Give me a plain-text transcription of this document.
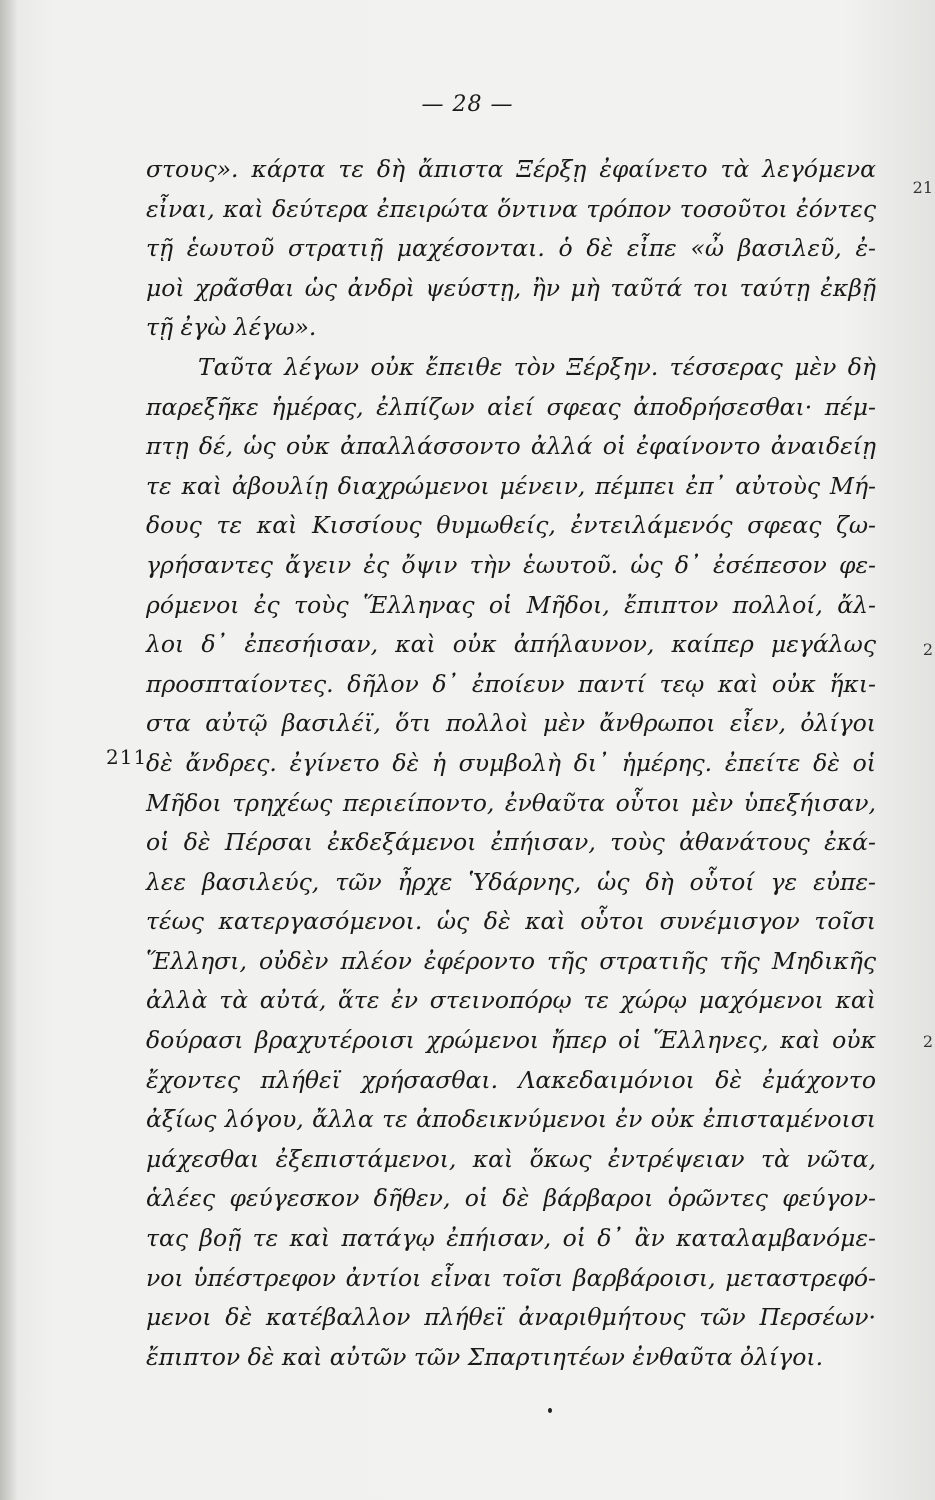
— 28 —
211
21
2
2
στους». κάρτα τε δὴ ἄπιστα Ξέρξῃ ἐφαίνετο τὰ λεγόμενα
εἶναι, καὶ δεύτερα ἐπειρώτα ὅντινα τρόπον τοσοῦτοι ἐόντες
τῇ ἑωυτοῦ στρατιῇ μαχέσονται. ὁ δὲ εἶπε «ὦ βασιλεῦ, ἐ-
μοὶ χρᾶσθαι ὡς ἀνδρὶ ψεύστῃ, ἢν μὴ ταῦτά τοι ταύτῃ ἐκβῇ
τῇ ἐγὼ λέγω».
Ταῦτα λέγων οὐκ ἔπειθε τὸν Ξέρξην. τέσσερας μὲν δὴ
παρεξῆκε ἡμέρας, ἐλπίζων αἰεί σφεας ἀποδρήσεσθαι· πέμ-
πτῃ δέ, ὡς οὐκ ἀπαλλάσσοντο ἀλλά οἱ ἐφαίνοντο ἀναιδείῃ
τε καὶ ἀβουλίῃ διαχρώμενοι μένειν, πέμπει ἐπ᾽ αὐτοὺς Μή-
δους τε καὶ Κισσίους θυμωθείς, ἐντειλάμενός σφεας ζω-
γρήσαντες ἄγειν ἐς ὄψιν τὴν ἑωυτοῦ. ὡς δ᾽ ἐσέπεσον φε-
ρόμενοι ἐς τοὺς Ἕλληνας οἱ Μῆδοι, ἔπιπτον πολλοί, ἄλ-
λοι δ᾽ ἐπεσήισαν, καὶ οὐκ ἀπήλαυνον, καίπερ μεγάλως
προσπταίοντες. δῆλον δ᾽ ἐποίευν παντί τεῳ καὶ οὐκ ἥκι-
στα αὐτῷ βασιλέϊ, ὅτι πολλοὶ μὲν ἄνθρωποι εἶεν, ὀλίγοι
δὲ ἄνδρες. ἐγίνετο δὲ ἡ συμβολὴ δι᾽ ἡμέρης. ἐπείτε δὲ οἱ
Μῆδοι τρηχέως περιείποντο, ἐνθαῦτα οὗτοι μὲν ὑπεξήισαν,
οἱ δὲ Πέρσαι ἐκδεξάμενοι ἐπήισαν, τοὺς ἀθανάτους ἐκά-
λεε βασιλεύς, τῶν ἦρχε Ὑδάρνης, ὡς δὴ οὗτοί γε εὐπε-
τέως κατεργασόμενοι. ὡς δὲ καὶ οὗτοι συνέμισγον τοῖσι
Ἕλλησι, οὐδὲν πλέον ἐφέροντο τῆς στρατιῆς τῆς Μηδικῆς
ἀλλὰ τὰ αὐτά, ἅτε ἐν στεινοπόρῳ τε χώρῳ μαχόμενοι καὶ
δούρασι βραχυτέροισι χρώμενοι ἤπερ οἱ Ἕλληνες, καὶ οὐκ
ἔχοντες πλήθεϊ χρήσασθαι. Λακεδαιμόνιοι δὲ ἐμάχοντο
ἀξίως λόγου, ἄλλα τε ἀποδεικνύμενοι ἐν οὐκ ἐπισταμένοισι
μάχεσθαι ἐξεπιστάμενοι, καὶ ὅκως ἐντρέψειαν τὰ νῶτα,
ἁλέες φεύγεσκον δῆθεν, οἱ δὲ βάρβαροι ὁρῶντες φεύγον-
τας βοῇ τε καὶ πατάγῳ ἐπήισαν, οἱ δ᾽ ἂν καταλαμβανόμε-
νοι ὑπέστρεφον ἀντίοι εἶναι τοῖσι βαρβάροισι, μεταστρεφό-
μενοι δὲ κατέβαλλον πλήθεϊ ἀναριθμήτους τῶν Περσέων·
ἔπιπτον δὲ καὶ αὐτῶν τῶν Σπαρτιητέων ἐνθαῦτα ὀλίγοι.
